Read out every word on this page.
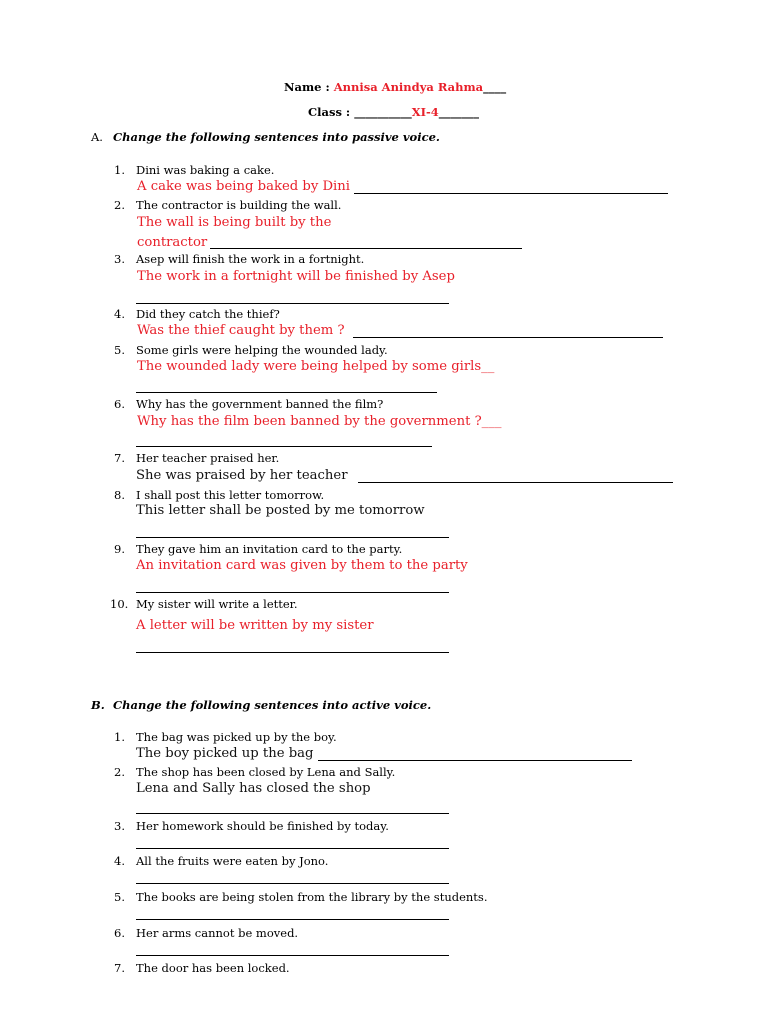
Name : Annisa Anindya Rahma____
Class : __________XI-4_______
A. Change the following sentences into passive voice.
1. Dini was baking a cake.
A cake was being baked by Dini
2. The contractor is building the wall.
The wall is being built by the
contractor
3. Asep will finish the work in a fortnight.
The work in a fortnight will be finished by Asep
4. Did they catch the thief?
Was the thief caught by them ?
5. Some girls were helping the wounded lady.
The wounded lady were being helped by some girls__
6. Why has the government banned the film?
Why has the film been banned by the government ?___
7. Her teacher praised her.
She was praised by her teacher
8. I shall post this letter tomorrow.
This letter shall be posted by me tomorrow
9. They gave him an invitation card to the party.
An invitation card was given by them to the party
10. My sister will write a letter.
A letter will be written by my sister
B. Change the following sentences into active voice.
1. The bag was picked up by the boy.
The boy picked up the bag
2. The shop has been closed by Lena and Sally.
Lena and Sally has closed the shop
3. Her homework should be finished by today.
4. All the fruits were eaten by Jono.
5. The books are being stolen from the library by the students.
6. Her arms cannot be moved.
7. The door has been locked.
